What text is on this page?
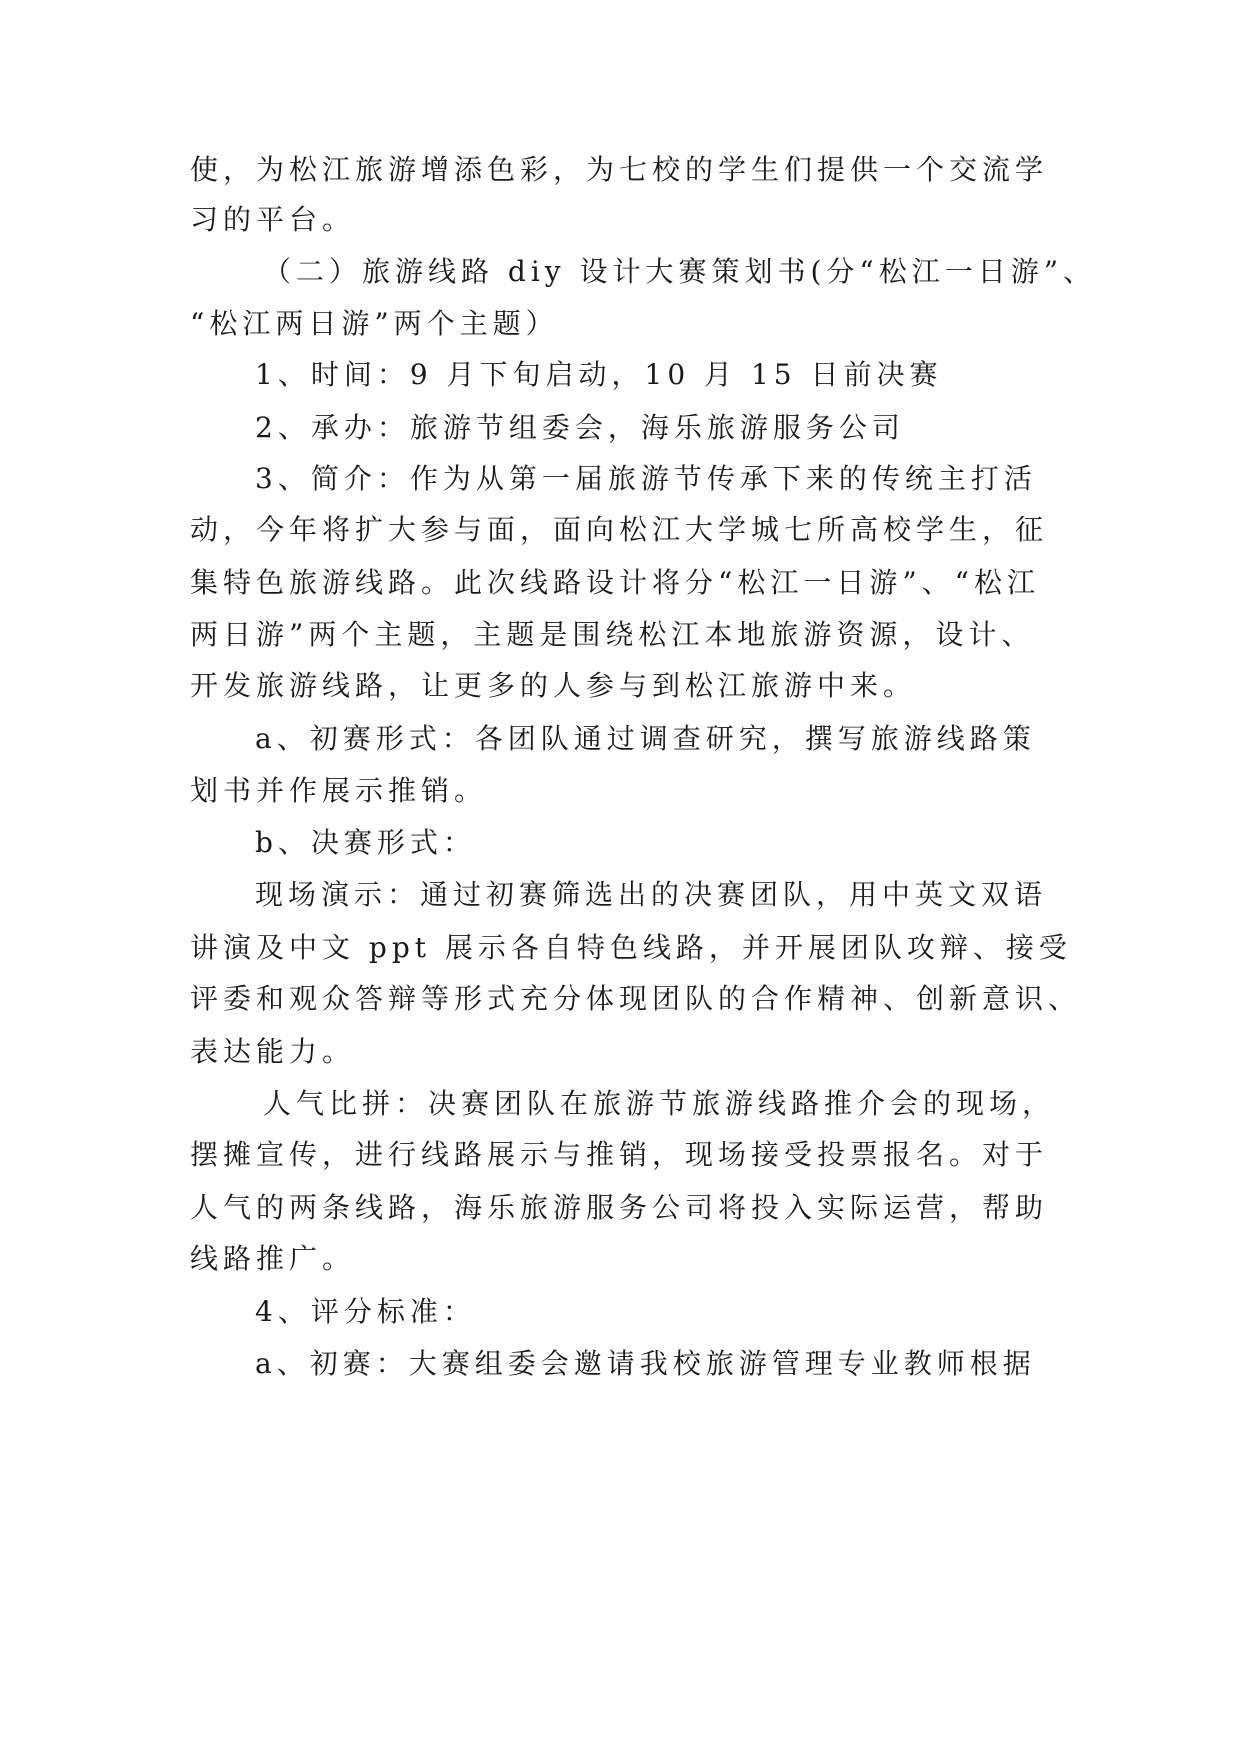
使，为松江旅游增添色彩，为七校的学生们提供一个交流学
习的平台。
（二）旅游线路 diy 设计大赛策划书(分“松江一日游”、
“松江两日游”两个主题）
1、时间：9 月下旬启动，10 月 15 日前决赛
2、承办：旅游节组委会，海乐旅游服务公司
3、简介：作为从第一届旅游节传承下来的传统主打活
动，今年将扩大参与面，面向松江大学城七所高校学生，征
集特色旅游线路。此次线路设计将分“松江一日游”、“松江
两日游”两个主题，主题是围绕松江本地旅游资源，设计、
开发旅游线路，让更多的人参与到松江旅游中来。
a、初赛形式：各团队通过调查研究，撰写旅游线路策
划书并作展示推销。
b、决赛形式：
现场演示：通过初赛筛选出的决赛团队，用中英文双语
讲演及中文 ppt 展示各自特色线路，并开展团队攻辩、接受
评委和观众答辩等形式充分体现团队的合作精神、创新意识、
表达能力。
人气比拼：决赛团队在旅游节旅游线路推介会的现场，
摆摊宣传，进行线路展示与推销，现场接受投票报名。对于
人气的两条线路，海乐旅游服务公司将投入实际运营，帮助
线路推广。
4、评分标准：
a、初赛：大赛组委会邀请我校旅游管理专业教师根据
